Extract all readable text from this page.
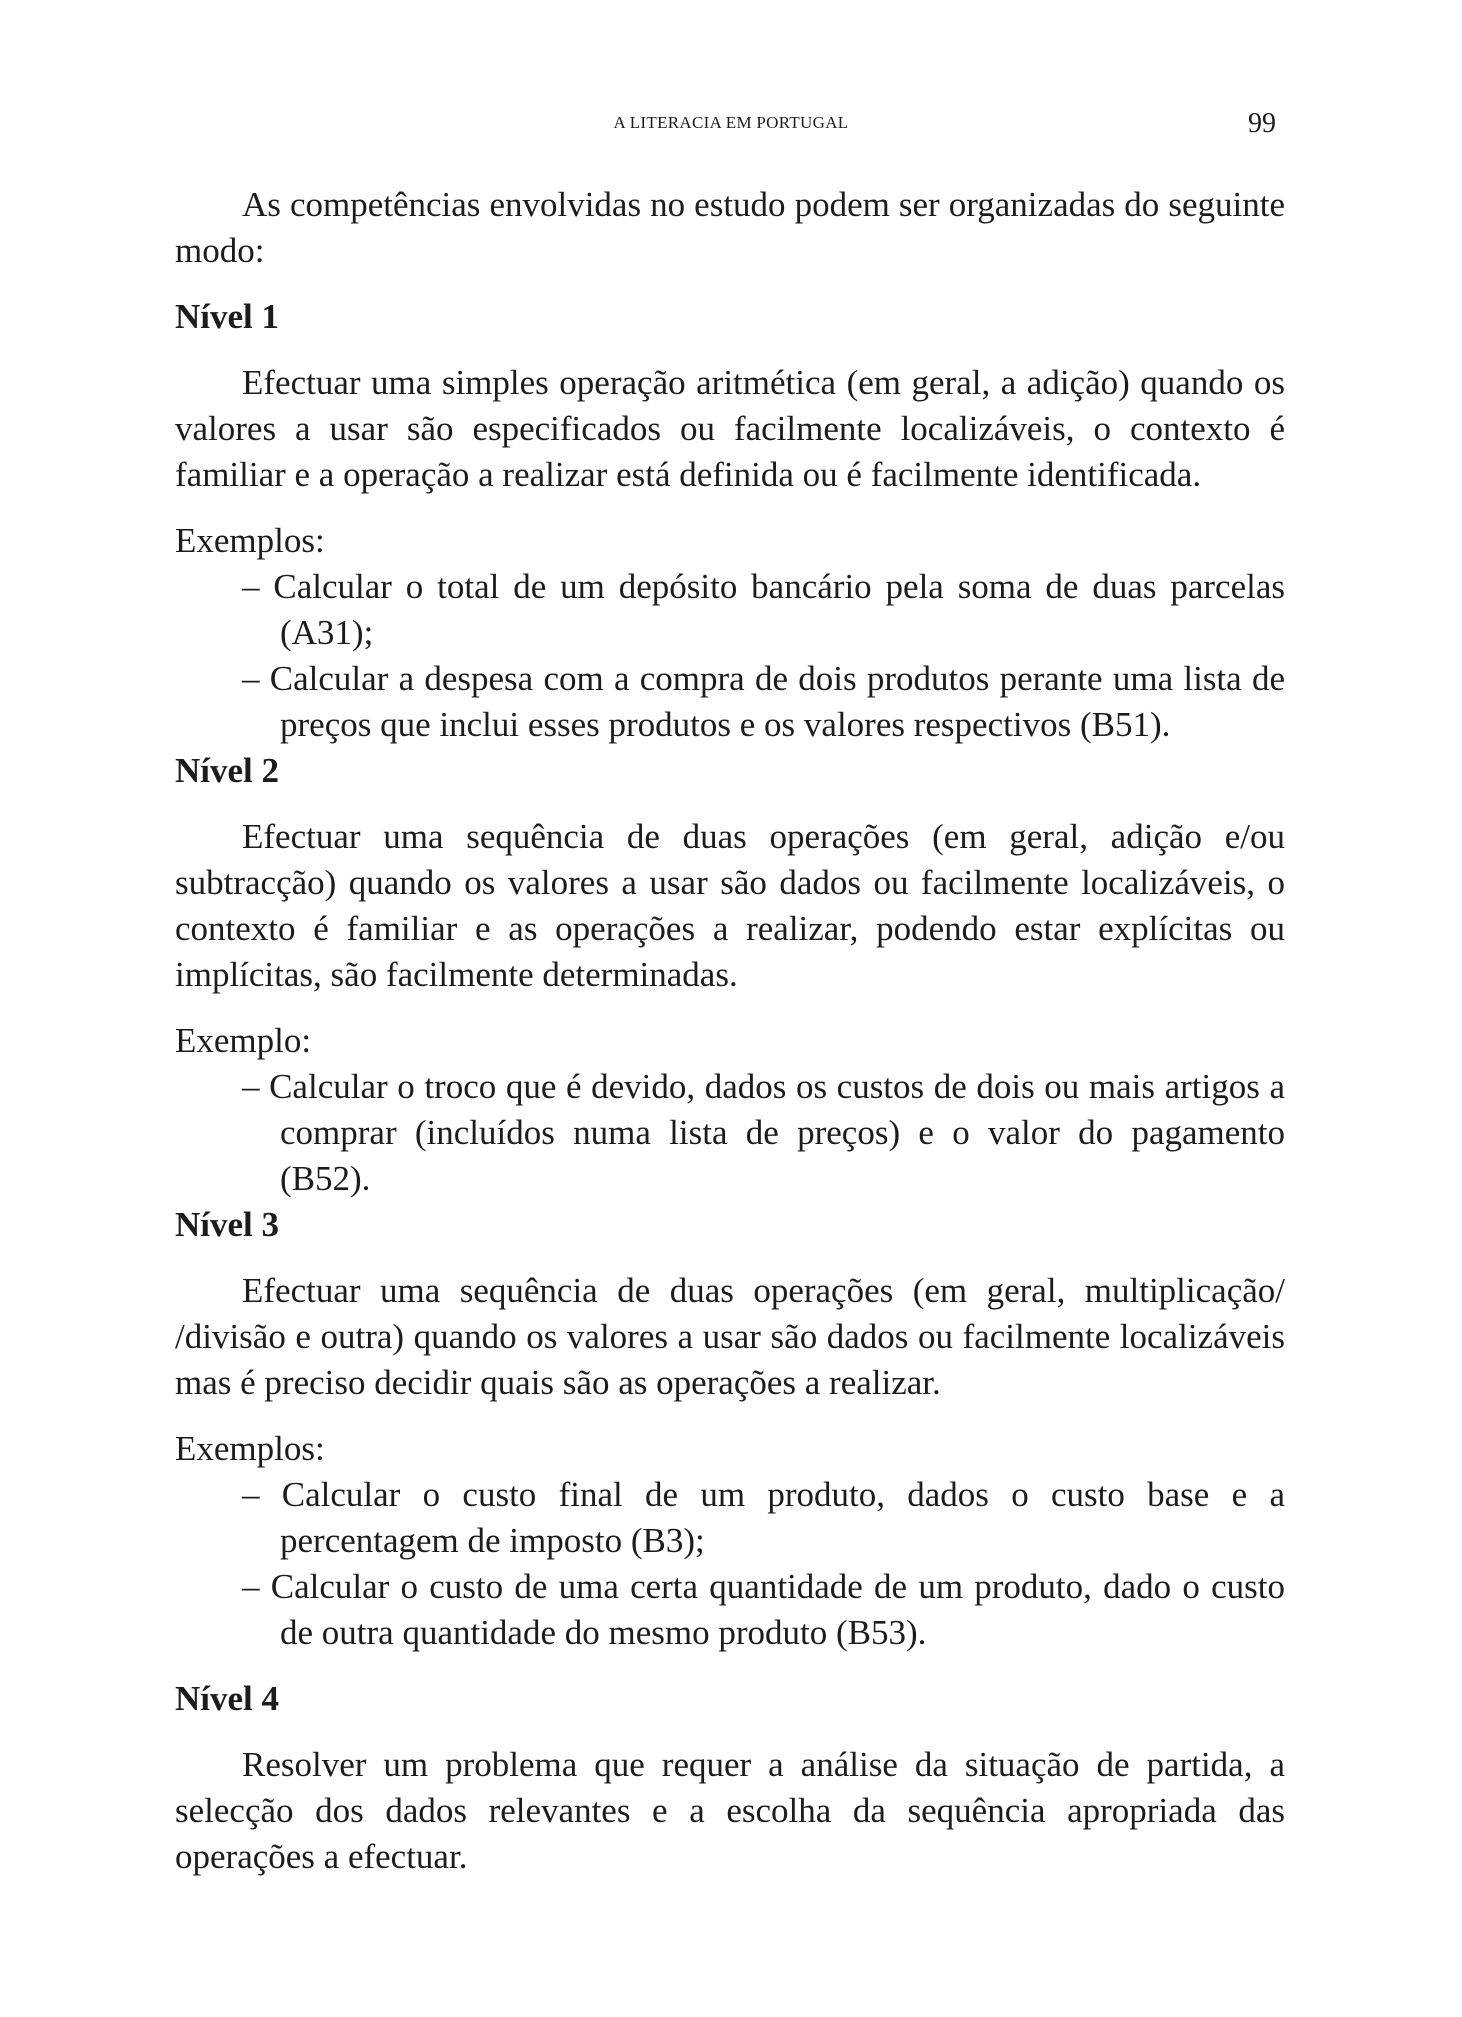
A LITERACIA EM PORTUGAL	99

As competências envolvidas no estudo podem ser organizadas do seguinte modo:

Nível 1

Efectuar uma simples operação aritmética (em geral, a adição) quando os valores a usar são especificados ou facilmente localizáveis, o contexto é familiar e a operação a realizar está definida ou é facilmente identificada.

Exemplos:

– Calcular o total de um depósito bancário pela soma de duas parcelas (A31);
– Calcular a despesa com a compra de dois produtos perante uma lista de preços que inclui esses produtos e os valores respectivos (B51).

Nível 2

Efectuar uma sequência de duas operações (em geral, adição e/ou subtracção) quando os valores a usar são dados ou facilmente localizáveis, o contexto é familiar e as operações a realizar, podendo estar explícitas ou implícitas, são facilmente determinadas.

Exemplo:

– Calcular o troco que é devido, dados os custos de dois ou mais artigos a comprar (incluídos numa lista de preços) e o valor do pagamento (B52).

Nível 3

Efectuar uma sequência de duas operações (em geral, multiplicação/ /divisão e outra) quando os valores a usar são dados ou facilmente localizáveis mas é preciso decidir quais são as operações a realizar.

Exemplos:

– Calcular o custo final de um produto, dados o custo base e a percentagem de imposto (B3);
– Calcular o custo de uma certa quantidade de um produto, dado o custo de outra quantidade do mesmo produto (B53).

Nível 4

Resolver um problema que requer a análise da situação de partida, a selecção dos dados relevantes e a escolha da sequência apropriada das operações a efectuar.
